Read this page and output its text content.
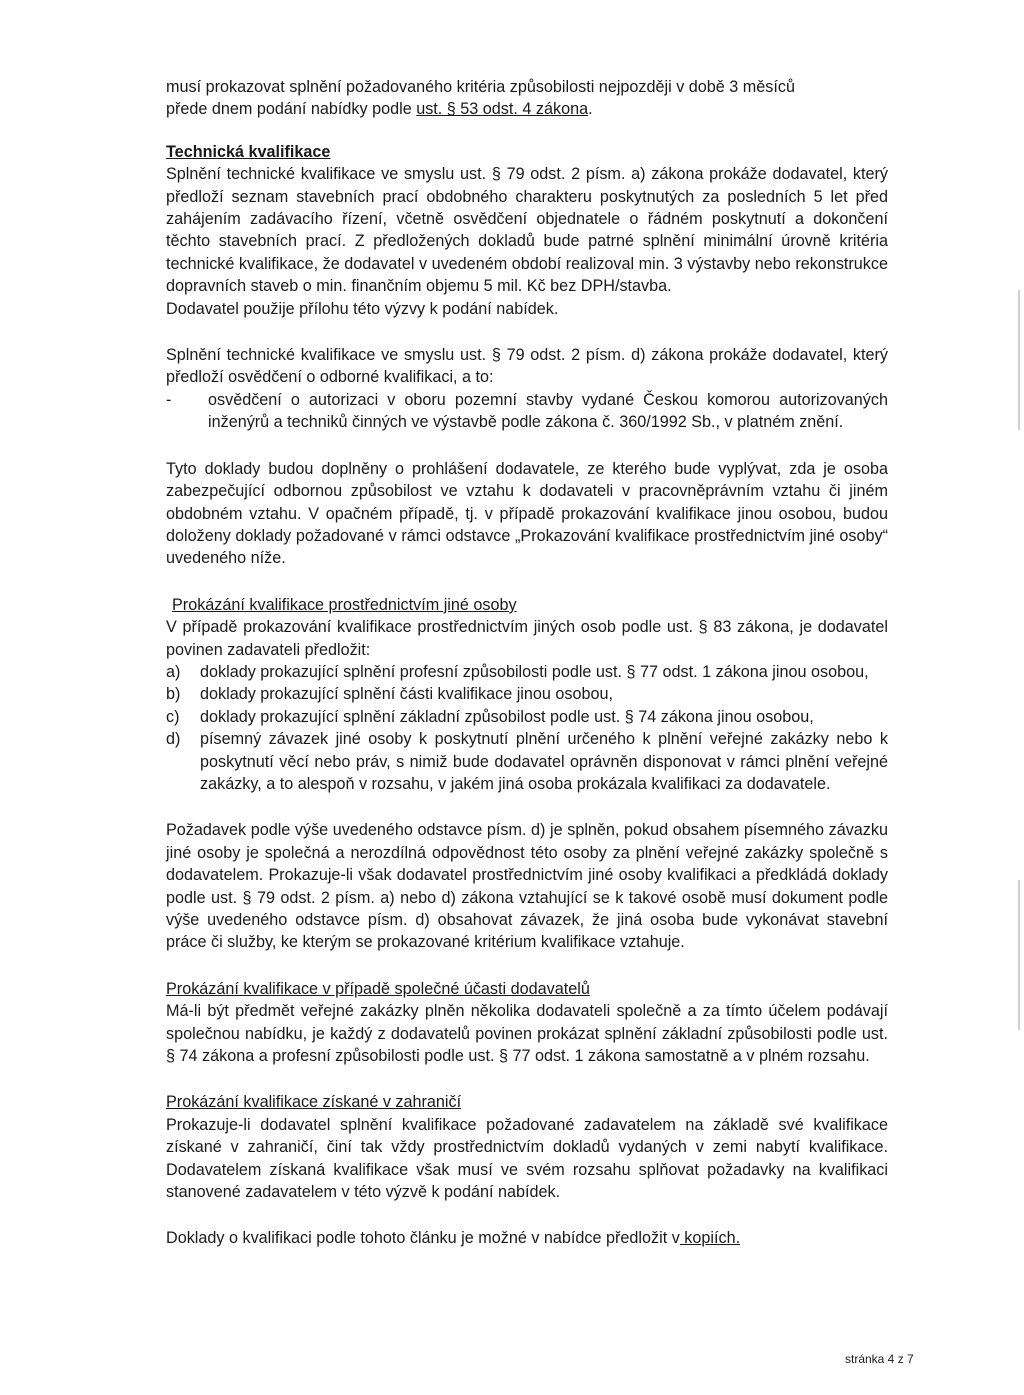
musí prokazovat splnění požadovaného kritéria způsobilosti nejpozději v době 3 měsíců
přede dnem podání nabídky podle ust. § 53 odst. 4 zákona.

Technická kvalifikace

Splnění technické kvalifikace ve smyslu ust. § 79 odst. 2 písm. a) zákona prokáže dodavatel, který předloží seznam stavebních prací obdobného charakteru poskytnutých za posledních 5 let před zahájením zadávacího řízení, včetně osvědčení objednatele o řádném poskytnutí a dokončení těchto stavebních prací. Z předložených dokladů bude patrné splnění minimální úrovně kritéria technické kvalifikace, že dodavatel v uvedeném období realizoval min. 3 výstavby nebo rekonstrukce dopravních staveb o min. finančním objemu 5 mil. Kč bez DPH/stavba.

Dodavatel použije přílohu této výzvy k podání nabídek.

Splnění technické kvalifikace ve smyslu ust. § 79 odst. 2 písm. d) zákona prokáže dodavatel, který předloží osvědčení o odborné kvalifikaci, a to:

-	osvědčení o autorizaci v oboru pozemní stavby vydané Českou komorou autorizovaných inženýrů a techniků činných ve výstavbě podle zákona č. 360/1992 Sb., v platném znění.

Tyto doklady budou doplněny o prohlášení dodavatele, ze kterého bude vyplývat, zda je osoba zabezpečující odbornou způsobilost ve vztahu k dodavateli v pracovněprávním vztahu či jiném obdobném vztahu. V opačném případě, tj. v případě prokazování kvalifikace jinou osobou, budou doloženy doklady požadované v rámci odstavce „Prokazování kvalifikace prostřednictvím jiné osoby“ uvedeného níže.

Prokázání kvalifikace prostřednictvím jiné osoby

V případě prokazování kvalifikace prostřednictvím jiných osob podle ust. § 83 zákona, je dodavatel povinen zadavateli předložit:

a)	doklady prokazující splnění profesní způsobilosti podle ust. § 77 odst. 1 zákona jinou osobou,
b)	doklady prokazující splnění části kvalifikace jinou osobou,
c)	doklady prokazující splnění základní způsobilost podle ust. § 74 zákona jinou osobou,
d)	písemný závazek jiné osoby k poskytnutí plnění určeného k plnění veřejné zakázky nebo k poskytnutí věcí nebo práv, s nimiž bude dodavatel oprávněn disponovat v rámci plnění veřejné zakázky, a to alespoň v rozsahu, v jakém jiná osoba prokázala kvalifikaci za dodavatele.

Požadavek podle výše uvedeného odstavce písm. d) je splněn, pokud obsahem písemného závazku jiné osoby je společná a nerozdílná odpovědnost této osoby za plnění veřejné zakázky společně s dodavatelem. Prokazuje-li však dodavatel prostřednictvím jiné osoby kvalifikaci a předkládá doklady podle ust. § 79 odst. 2 písm. a) nebo d) zákona vztahující se k takové osobě musí dokument podle výše uvedeného odstavce písm. d) obsahovat závazek, že jiná osoba bude vykonávat stavební práce či služby, ke kterým se prokazované kritérium kvalifikace vztahuje.

Prokázání kvalifikace v případě společné účasti dodavatelů

Má-li být předmět veřejné zakázky plněn několika dodavateli společně a za tímto účelem podávají společnou nabídku, je každý z dodavatelů povinen prokázat splnění základní způsobilosti podle ust. § 74 zákona a profesní způsobilosti podle ust. § 77 odst. 1 zákona samostatně a v plném rozsahu.

Prokázání kvalifikace získané v zahraničí

Prokazuje-li dodavatel splnění kvalifikace požadované zadavatelem na základě své kvalifikace získané v zahraničí, činí tak vždy prostřednictvím dokladů vydaných v zemi nabytí kvalifikace. Dodavatelem získaná kvalifikace však musí ve svém rozsahu splňovat požadavky na kvalifikaci stanovené zadavatelem v této výzvě k podání nabídek.

Doklady o kvalifikaci podle tohoto článku je možné v nabídce předložit v kopiích.

stránka 4 z 7
